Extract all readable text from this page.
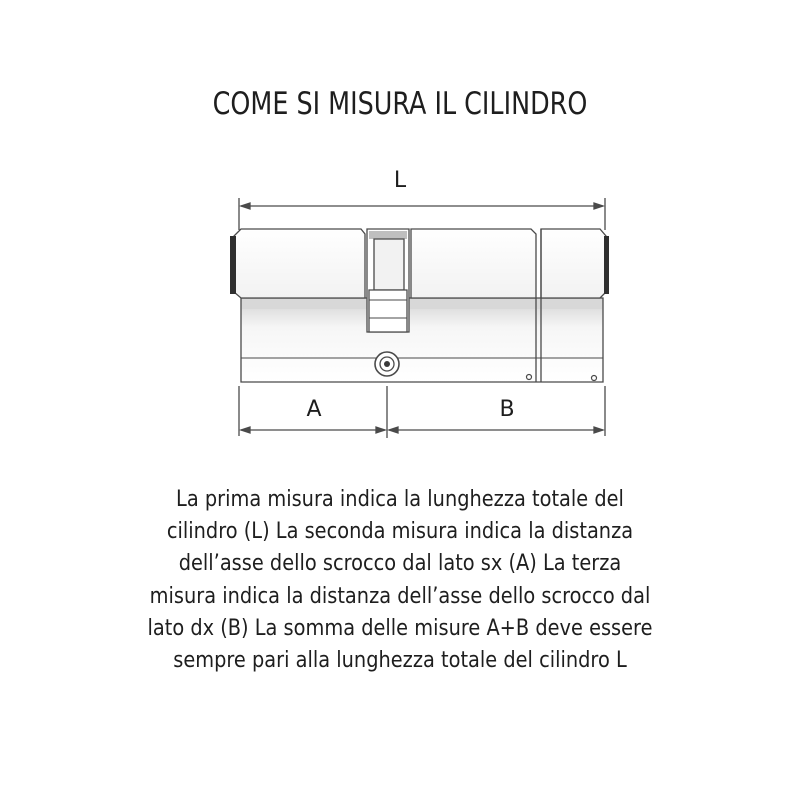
COME SI MISURA IL CILINDRO
L
A	B

La prima misura indica la lunghezza totale del cilindro (L) La seconda misura indica la distanza dell’asse dello scrocco dal lato sx (A) La terza misura indica la distanza dell’asse dello scrocco dal lato dx (B) La somma delle misure A+B deve essere sempre pari alla lunghezza totale del cilindro L
